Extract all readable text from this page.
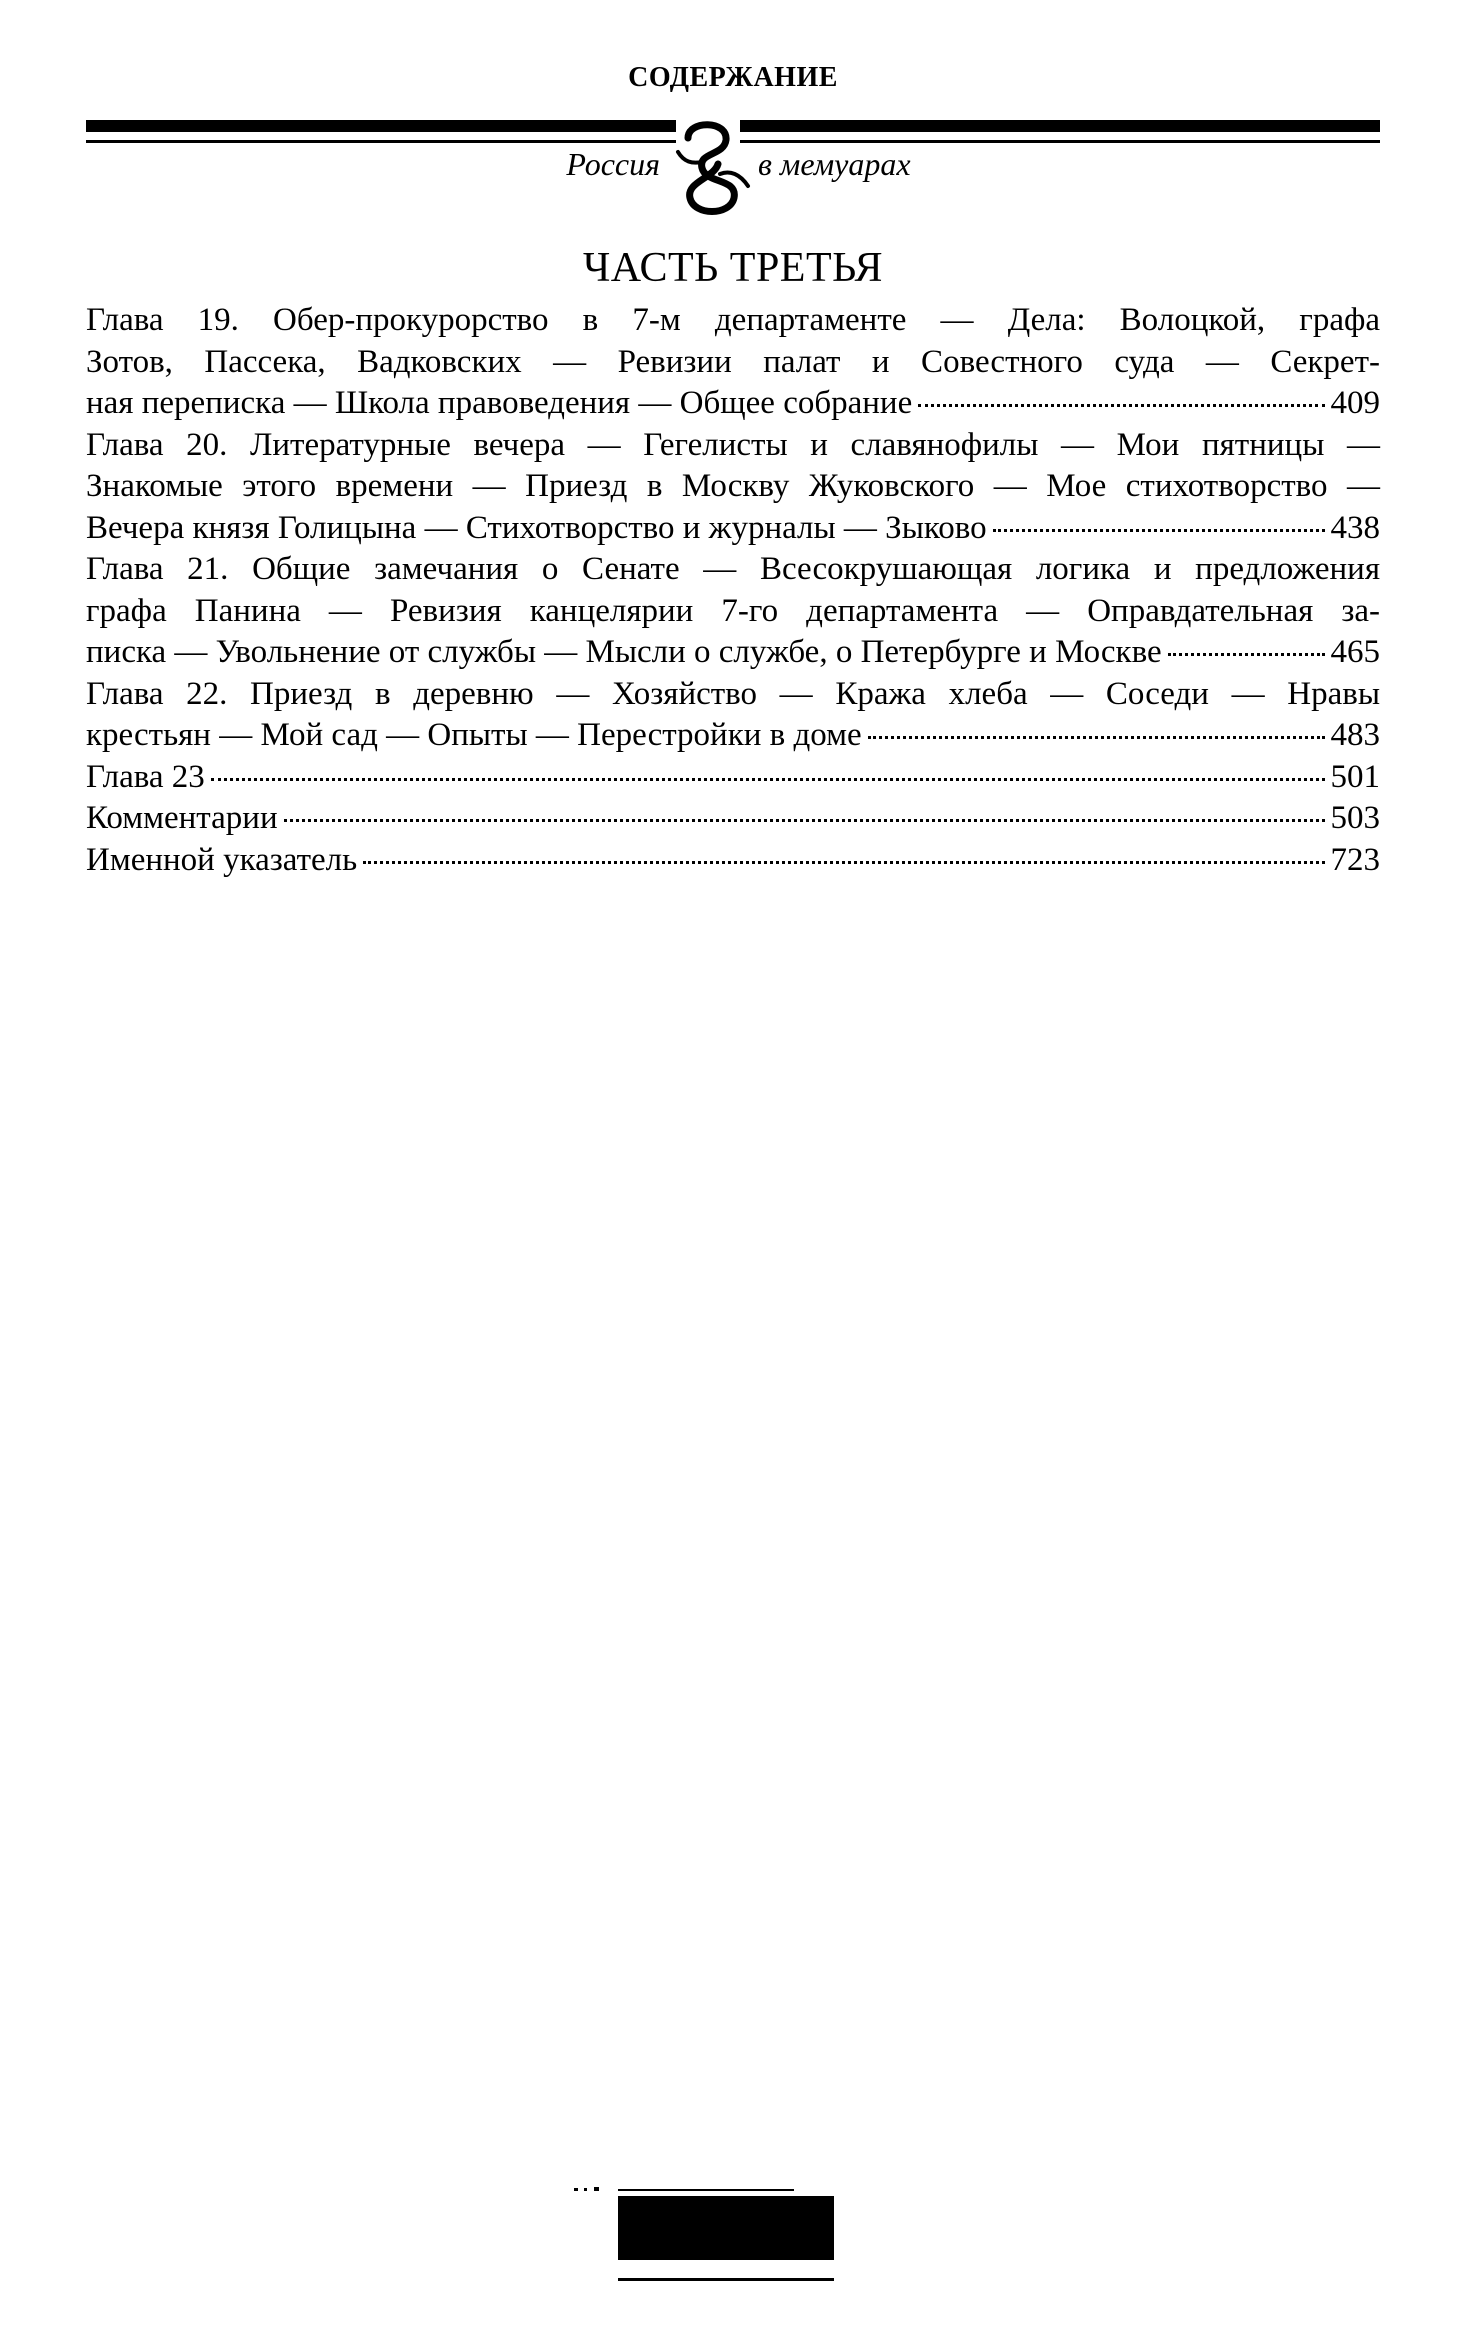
СОДЕРЖАНИЕ
Россия	в мемуарах
ЧАСТЬ ТРЕТЬЯ
Глава 19. Обер-прокурорство в 7-м департаменте — Дела: Волоцкой, графа
Зотов, Пассека, Вадковских — Ревизии палат и Совестного суда — Секрет-
ная переписка — Школа правоведения — Общее собрание	409
Глава 20. Литературные вечера — Гегелисты и славянофилы — Мои пятницы —
Знакомые этого времени — Приезд в Москву Жуковского — Мое стихотворство —
Вечера князя Голицына — Стихотворство и журналы — Зыково	438
Глава 21. Общие замечания о Сенате — Всесокрушающая логика и предложения
графа Панина — Ревизия канцелярии 7-го департамента — Оправдательная за-
писка — Увольнение от службы — Мысли о службе, о Петербурге и Москве	465
Глава 22. Приезд в деревню — Хозяйство — Кража хлеба — Соседи — Нравы
крестьян — Мой сад — Опыты — Перестройки в доме	483
Глава 23	501
Комментарии	503
Именной указатель	723
